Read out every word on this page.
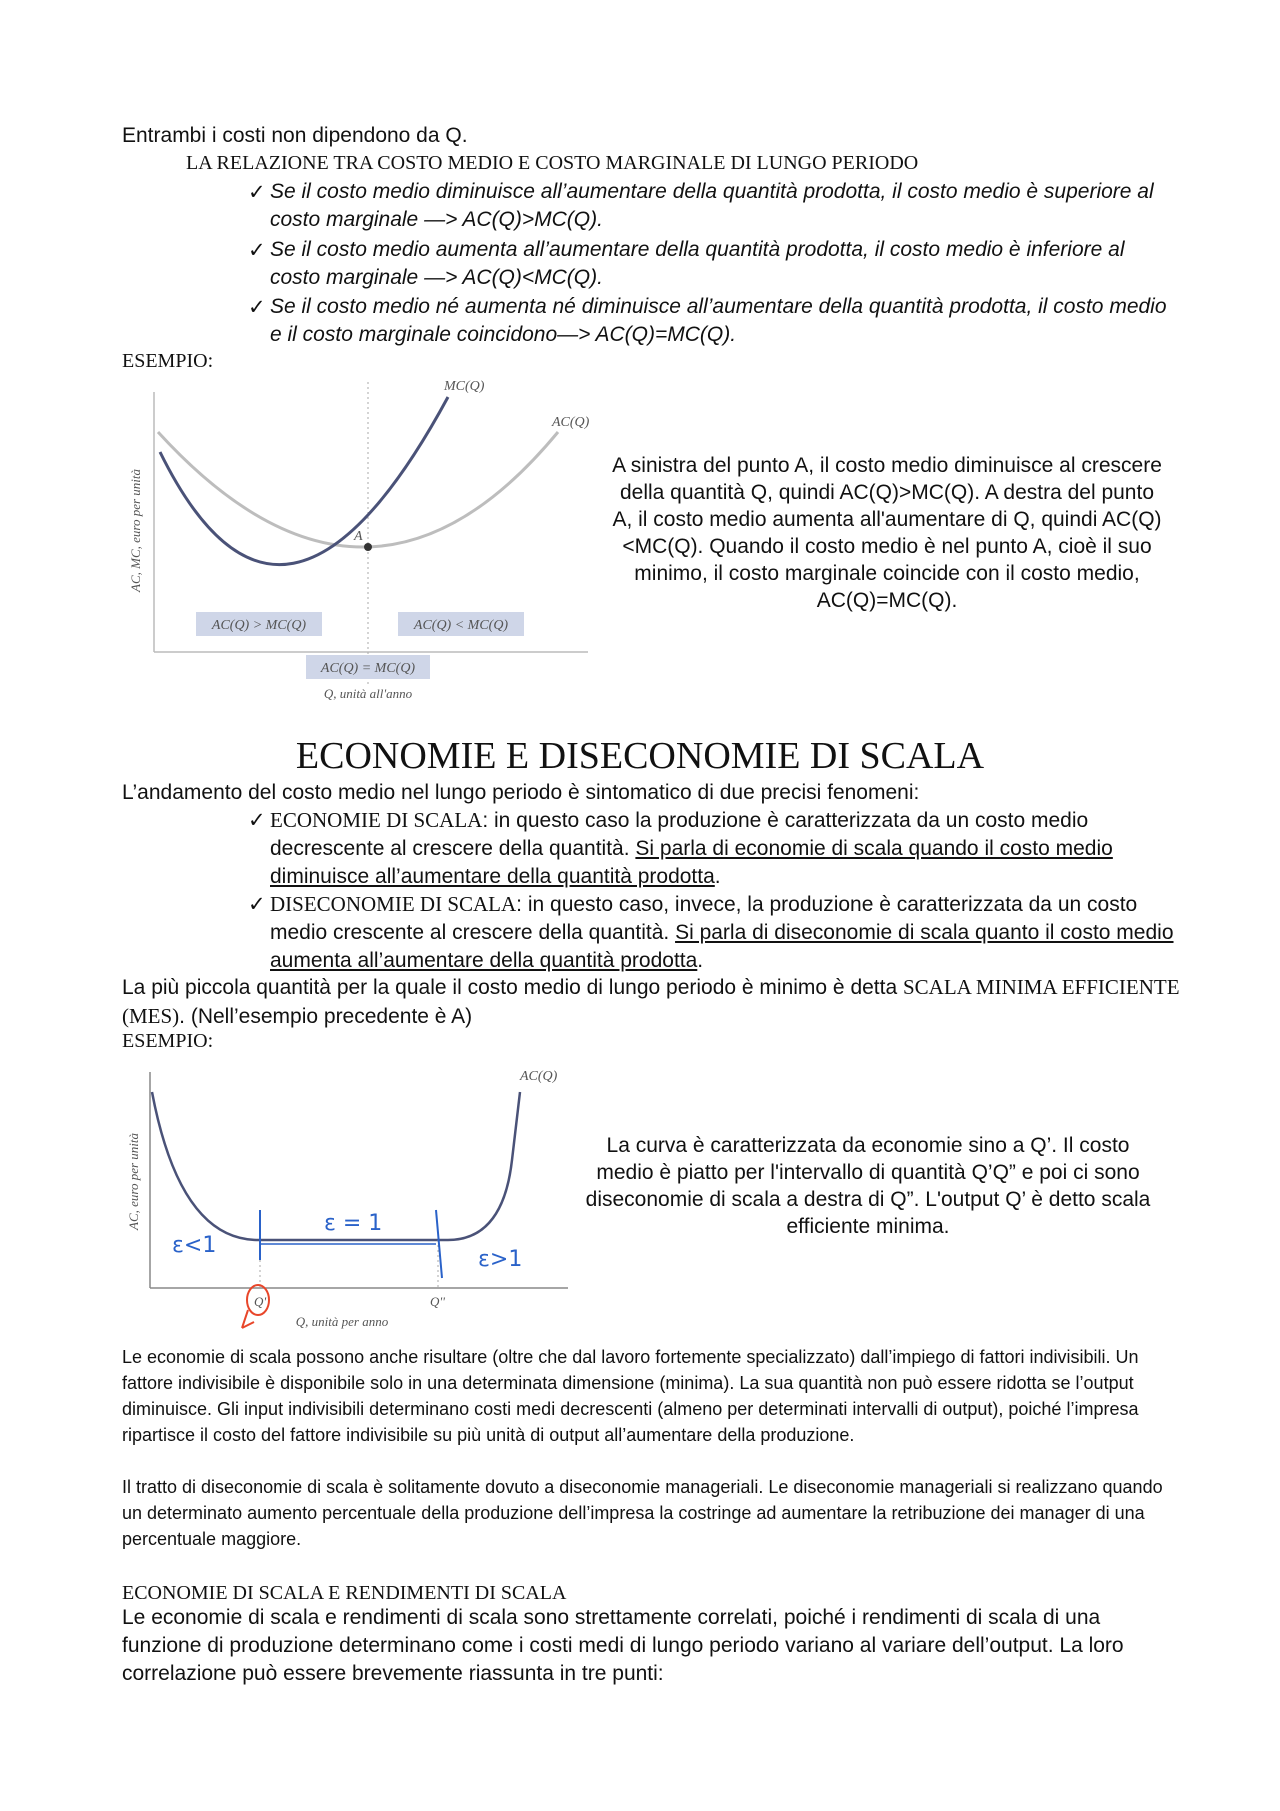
Entrambi i costi non dipendono da Q.
LA RELAZIONE TRA COSTO MEDIO E COSTO MARGINALE DI LUNGO PERIODO
✓ Se il costo medio diminuisce all’aumentare della quantità prodotta, il costo medio è superiore al costo marginale —> AC(Q)>MC(Q).
✓ Se il costo medio aumenta all’aumentare della quantità prodotta, il costo medio è inferiore al costo marginale —> AC(Q)<MC(Q).
✓ Se il costo medio né aumenta né diminuisce all’aumentare della quantità prodotta, il costo medio e il costo marginale coincidono—> AC(Q)=MC(Q).
ESEMPIO:
MC(Q)
AC(Q)
A
AC, MC, euro per unità
AC(Q) > MC(Q)	AC(Q) < MC(Q)
AC(Q) = MC(Q)
Q, unità all'anno
A sinistra del punto A, il costo medio diminuisce al crescere della quantità Q, quindi AC(Q)>MC(Q). A destra del punto A, il costo medio aumenta all'aumentare di Q, quindi AC(Q)<MC(Q). Quando il costo medio è nel punto A, cioè il suo minimo, il costo marginale coincide con il costo medio, AC(Q)=MC(Q).
ECONOMIE E DISECONOMIE DI SCALA
L’andamento del costo medio nel lungo periodo è sintomatico di due precisi fenomeni:
✓ ECONOMIE DI SCALA: in questo caso la produzione è caratterizzata da un costo medio decrescente al crescere della quantità. Si parla di economie di scala quando il costo medio diminuisce all’aumentare della quantità prodotta.
✓ DISECONOMIE DI SCALA: in questo caso, invece, la produzione è caratterizzata da un costo medio crescente al crescere della quantità. Si parla di diseconomie di scala quanto il costo medio aumenta all’aumentare della quantità prodotta.
La più piccola quantità per la quale il costo medio di lungo periodo è minimo è detta SCALA MINIMA EFFICIENTE (MES). (Nell’esempio precedente è A)
ESEMPIO:
AC(Q)
AC, euro per unità
Q'	Q''
Q, unità per anno
ε<1
ε = 1
ε>1
La curva è caratterizzata da economie sino a Q’. Il costo medio è piatto per l'intervallo di quantità Q’Q” e poi ci sono diseconomie di scala a destra di Q”. L'output Q’ è detto scala efficiente minima.
Le economie di scala possono anche risultare (oltre che dal lavoro fortemente specializzato) dall’impiego di fattori indivisibili. Un fattore indivisibile è disponibile solo in una determinata dimensione (minima). La sua quantità non può essere ridotta se l’output diminuisce. Gli input indivisibili determinano costi medi decrescenti (almeno per determinati intervalli di output), poiché l’impresa ripartisce il costo del fattore indivisibile su più unità di output all’aumentare della produzione.
Il tratto di diseconomie di scala è solitamente dovuto a diseconomie manageriali. Le diseconomie manageriali si realizzano quando un determinato aumento percentuale della produzione dell’impresa la costringe ad aumentare la retribuzione dei manager di una percentuale maggiore.
ECONOMIE DI SCALA E RENDIMENTI DI SCALA
Le economie di scala e rendimenti di scala sono strettamente correlati, poiché i rendimenti di scala di una funzione di produzione determinano come i costi medi di lungo periodo variano al variare dell’output. La loro correlazione può essere brevemente riassunta in tre punti:
